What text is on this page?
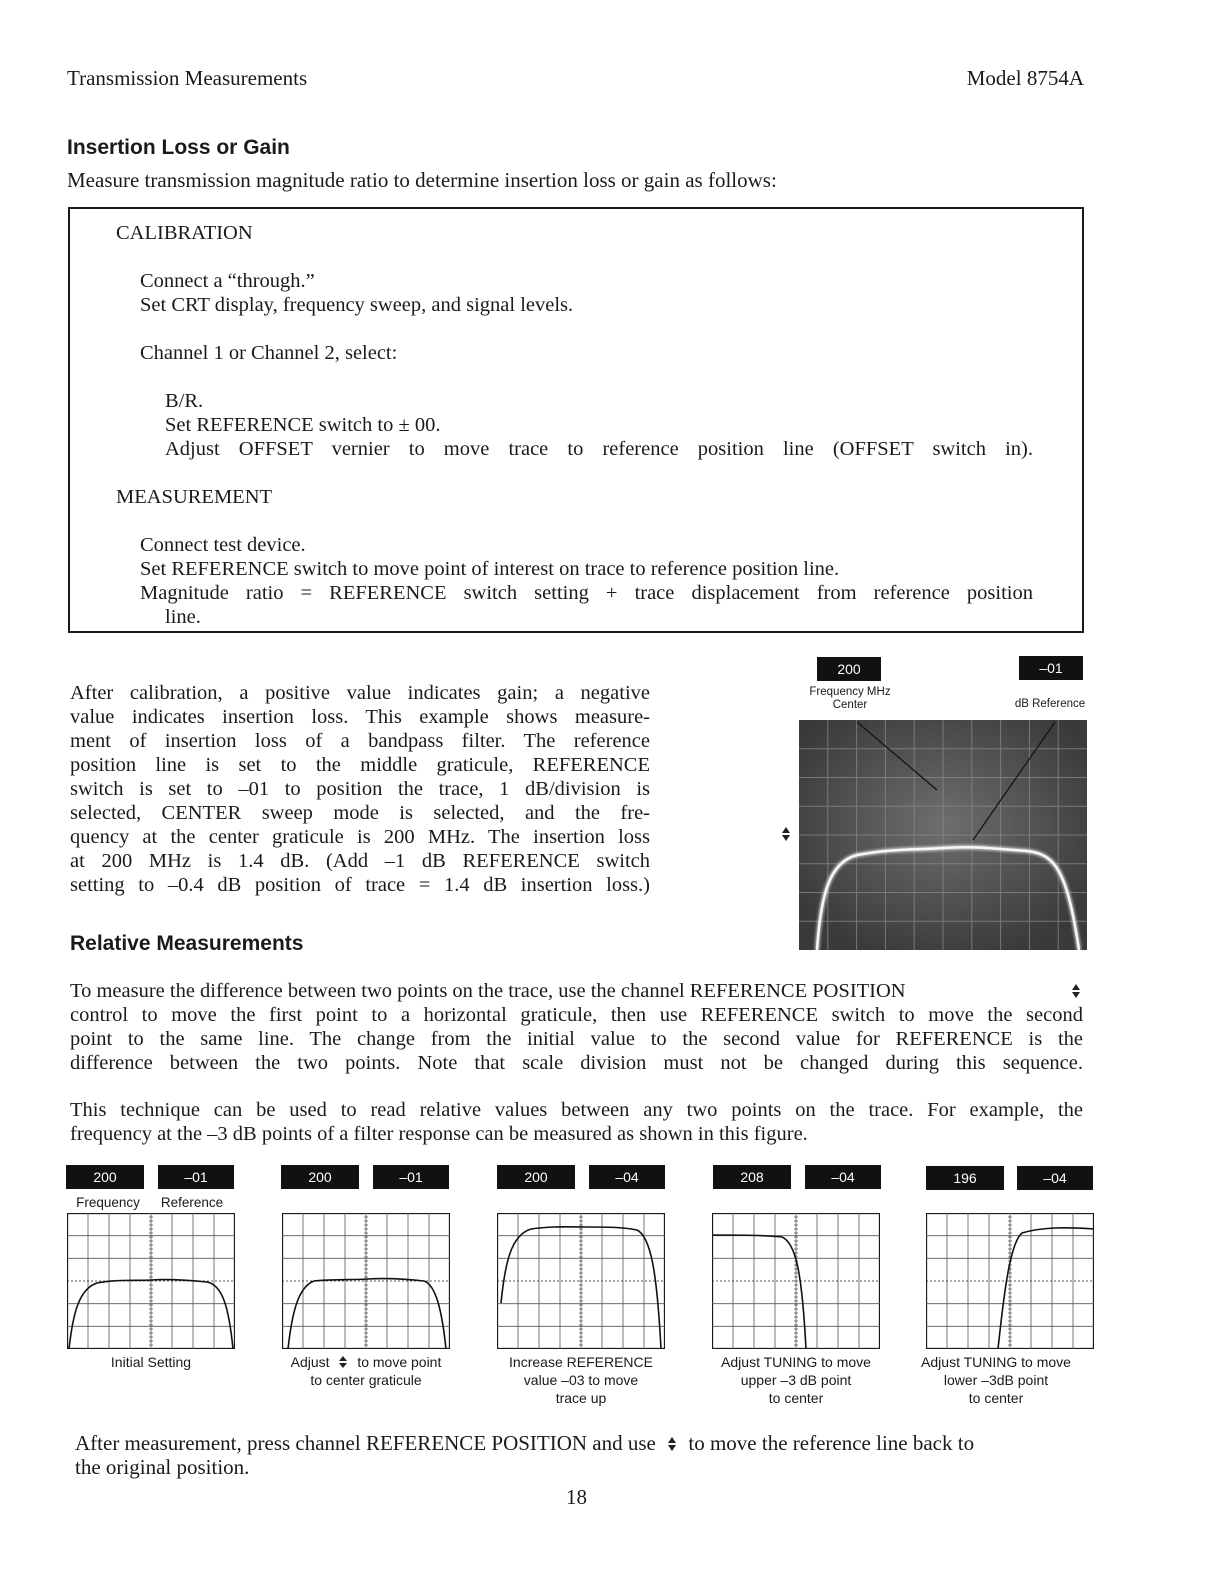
Transmission Measurements	Model 8754A
Insertion Loss or Gain
Measure transmission magnitude ratio to determine insertion loss or gain as follows:
CALIBRATION
Connect a “through.”
Set CRT display, frequency sweep, and signal levels.
Channel 1 or Channel 2, select:
B/R.
Set REFERENCE switch to ± 00.
Adjust OFFSET vernier to move trace to reference position line (OFFSET switch in).
MEASUREMENT
Connect test device.
Set REFERENCE switch to move point of interest on trace to reference position line.
Magnitude ratio = REFERENCE switch setting + trace displacement from reference position
line.
After calibration, a positive value indicates gain; a negative
value indicates insertion loss. This example shows measure-
ment of insertion loss of a bandpass filter. The reference
position line is set to the middle graticule, REFERENCE
switch is set to –01 to position the trace, 1 dB/division is
selected, CENTER sweep mode is selected, and the fre-
quency at the center graticule is 200 MHz. The insertion loss
at 200 MHz is 1.4 dB. (Add –1 dB REFERENCE switch
setting to –0.4 dB position of trace = 1.4 dB insertion loss.)
200	–01
Frequency MHz
Center	dB Reference
Relative Measurements
To measure the difference between two points on the trace, use the channel REFERENCE POSITION
control to move the first point to a horizontal graticule, then use REFERENCE switch to move the second
point to the same line. The change from the initial value to the second value for REFERENCE is the
difference between the two points. Note that scale division must not be changed during this sequence.
This technique can be used to read relative values between any two points on the trace. For example, the
frequency at the –3 dB points of a filter response can be measured as shown in this figure.
200	–01
Frequency	Reference
Initial Setting
200	–01
Adjust to move point
to center graticule
200	–04
Increase REFERENCE
value –03 to move
trace up
208	–04
Adjust TUNING to move
upper –3 dB point
to center
196	–04
Adjust TUNING to move
lower –3dB point
to center
After measurement, press channel REFERENCE POSITION and use to move the reference line back to
the original position.
18
